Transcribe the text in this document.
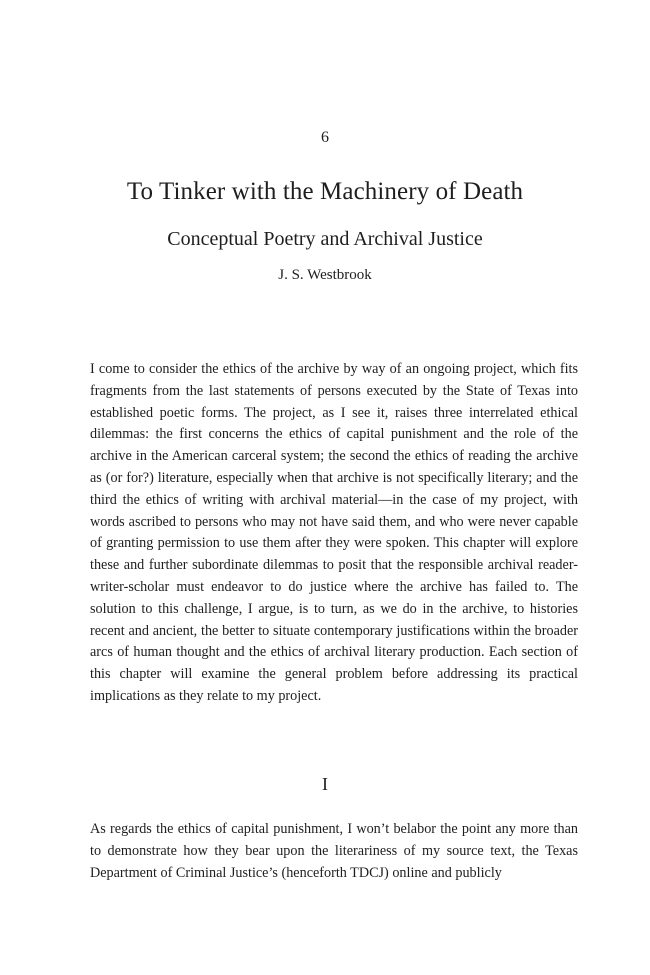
6
To Tinker with the Machinery of Death
Conceptual Poetry and Archival Justice
J. S. Westbrook

I come to consider the ethics of the archive by way of an ongoing project, which fits fragments from the last statements of persons executed by the State of Texas into established poetic forms. The project, as I see it, raises three interrelated ethical dilemmas: the first concerns the ethics of capital punishment and the role of the archive in the American carceral system; the second the ethics of reading the archive as (or for?) literature, especially when that archive is not specifically literary; and the third the ethics of writing with archival material—in the case of my project, with words ascribed to persons who may not have said them, and who were never capable of granting permission to use them after they were spoken. This chapter will explore these and further subordinate dilemmas to posit that the responsible archival reader-writer-scholar must endeavor to do justice where the archive has failed to. The solution to this challenge, I argue, is to turn, as we do in the archive, to histories recent and ancient, the better to situate contemporary justifications within the broader arcs of human thought and the ethics of archival literary production. Each section of this chapter will examine the general problem before addressing its practical implications as they relate to my project.

I

As regards the ethics of capital punishment, I won’t belabor the point any more than to demonstrate how they bear upon the literariness of my source text, the Texas Department of Criminal Justice’s (henceforth TDCJ) online and publicly
